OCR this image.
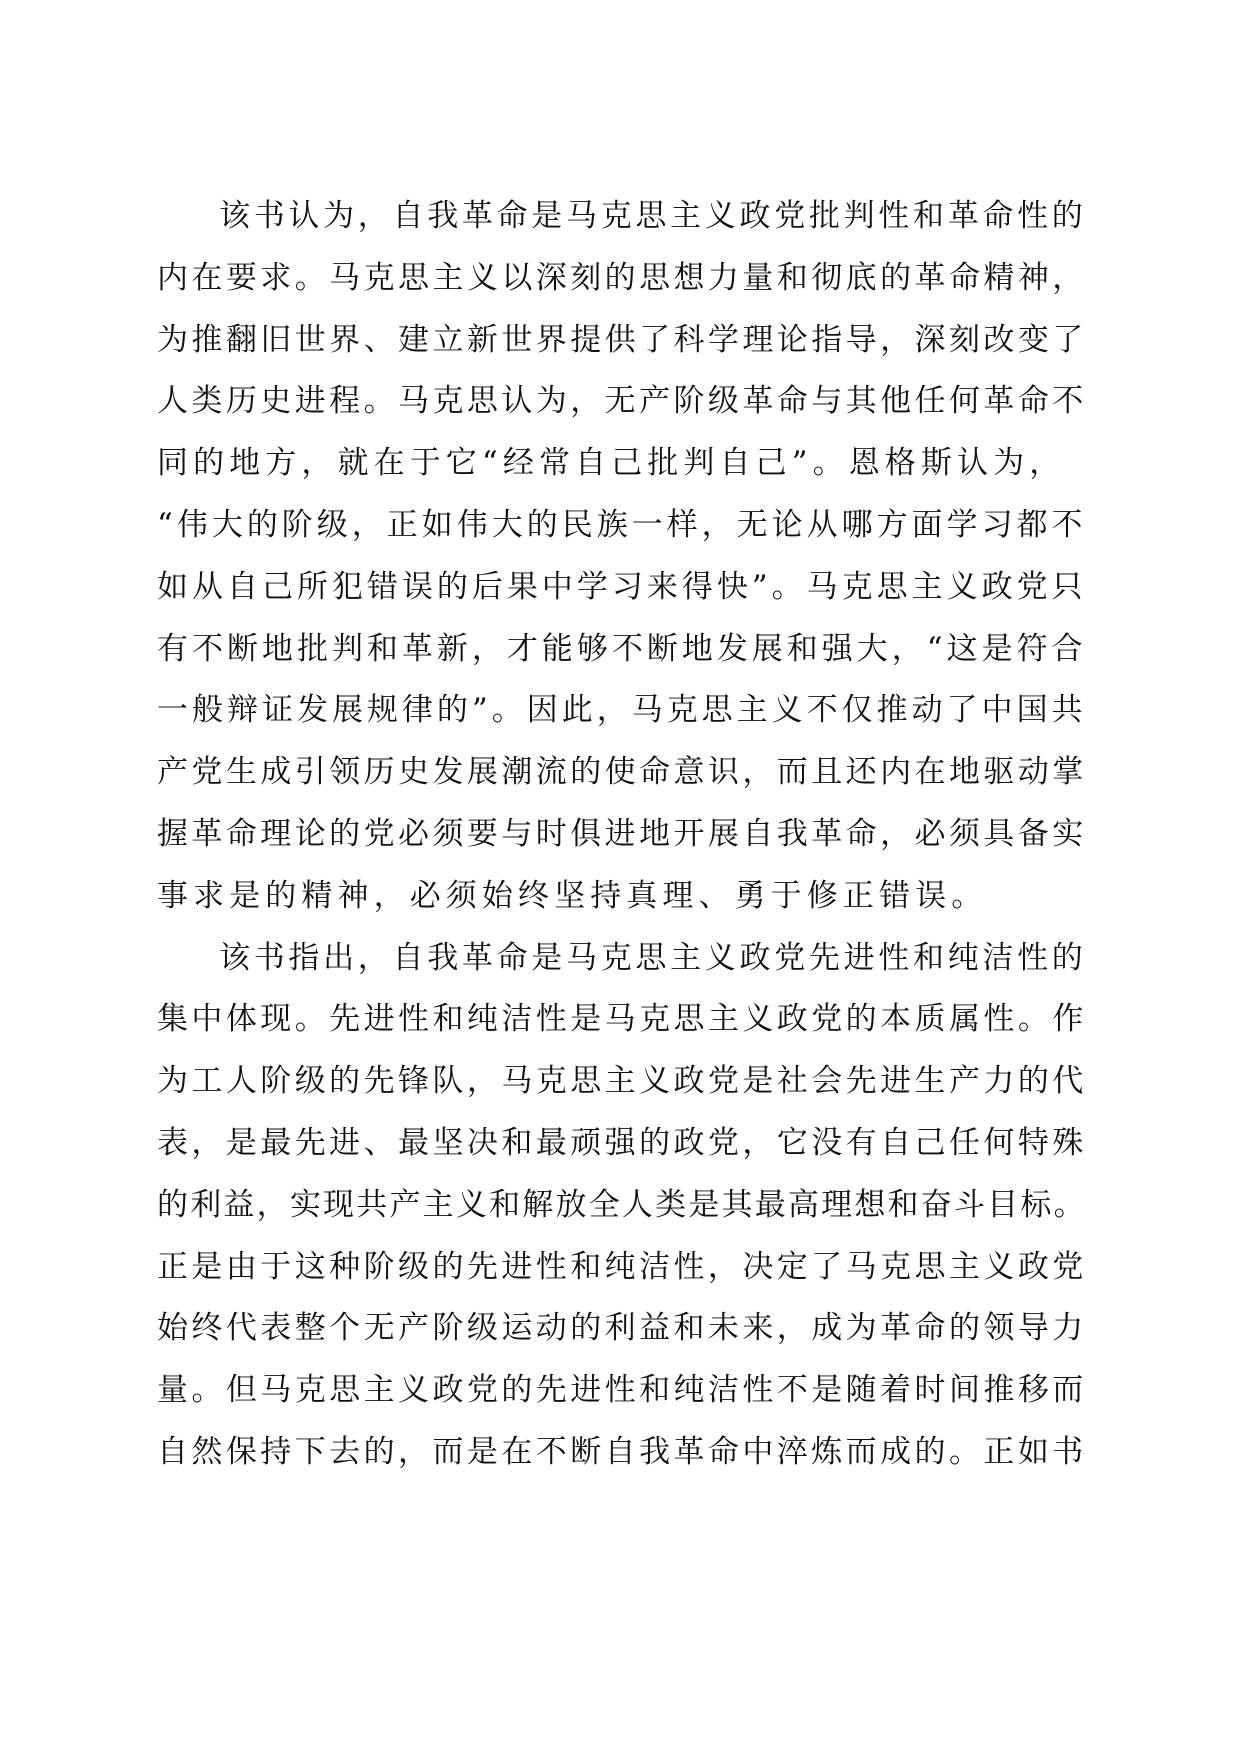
该书认为，自我革命是马克思主义政党批判性和革命性的
内在要求。马克思主义以深刻的思想力量和彻底的革命精神，
为推翻旧世界、建立新世界提供了科学理论指导，深刻改变了
人类历史进程。马克思认为，无产阶级革命与其他任何革命不
同的地方，就在于它“经常自己批判自己”。恩格斯认为，
“伟大的阶级，正如伟大的民族一样，无论从哪方面学习都不
如从自己所犯错误的后果中学习来得快”。马克思主义政党只
有不断地批判和革新，才能够不断地发展和强大，“这是符合
一般辩证发展规律的”。因此，马克思主义不仅推动了中国共
产党生成引领历史发展潮流的使命意识，而且还内在地驱动掌
握革命理论的党必须要与时俱进地开展自我革命，必须具备实
事求是的精神，必须始终坚持真理、勇于修正错误。
该书指出，自我革命是马克思主义政党先进性和纯洁性的
集中体现。先进性和纯洁性是马克思主义政党的本质属性。作
为工人阶级的先锋队，马克思主义政党是社会先进生产力的代
表，是最先进、最坚决和最顽强的政党，它没有自己任何特殊
的利益，实现共产主义和解放全人类是其最高理想和奋斗目标。
正是由于这种阶级的先进性和纯洁性，决定了马克思主义政党
始终代表整个无产阶级运动的利益和未来，成为革命的领导力
量。但马克思主义政党的先进性和纯洁性不是随着时间推移而
自然保持下去的，而是在不断自我革命中淬炼而成的。正如书
